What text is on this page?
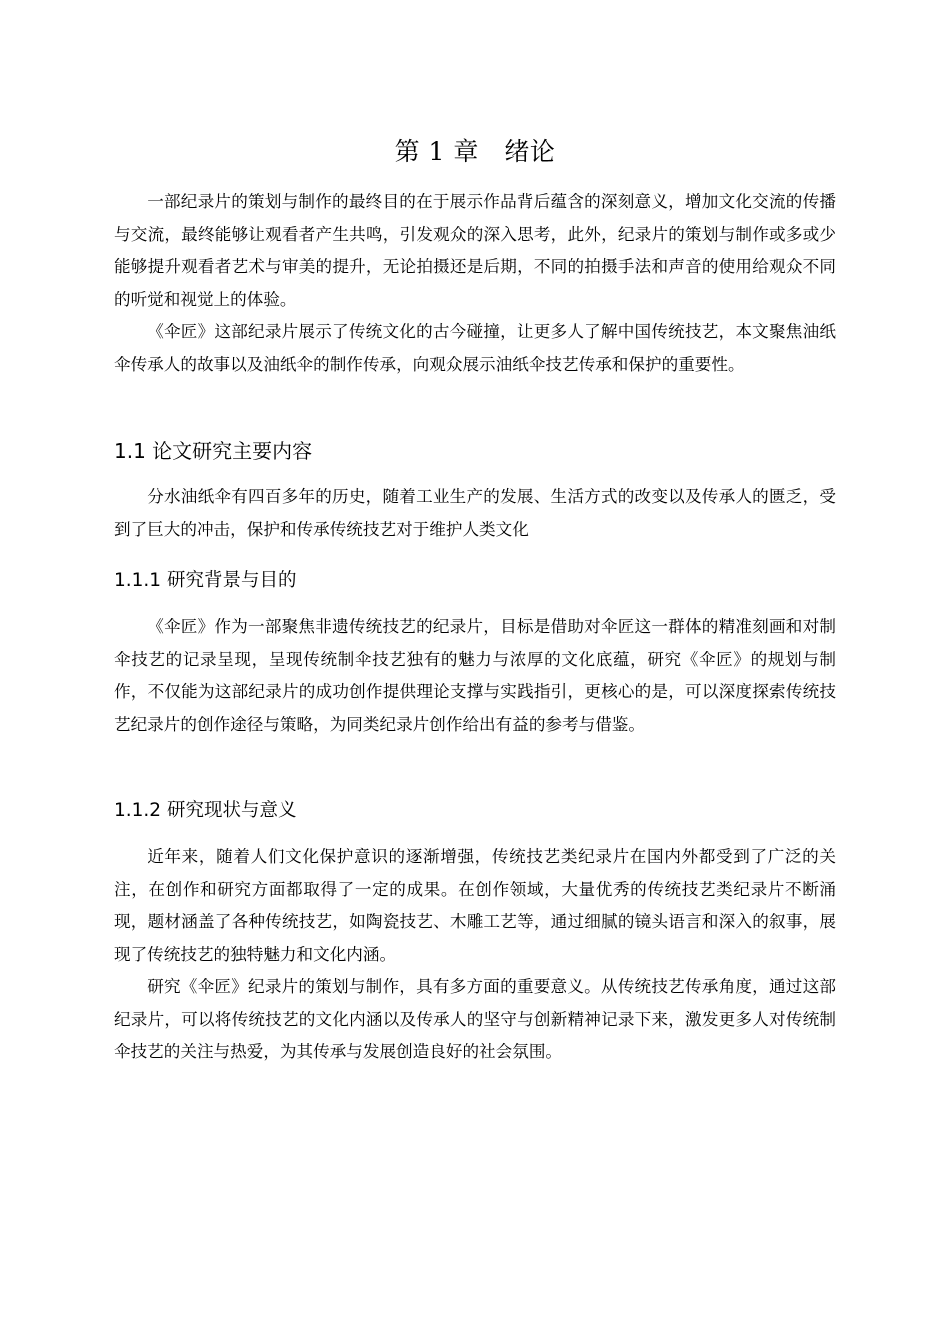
第 1 章　绪论

一部纪录片的策划与制作的最终目的在于展示作品背后蕴含的深刻意义，增加文化交流的传播与交流，最终能够让观看者产生共鸣，引发观众的深入思考，此外，纪录片的策划与制作或多或少能够提升观看者艺术与审美的提升，无论拍摄还是后期，不同的拍摄手法和声音的使用给观众不同的听觉和视觉上的体验。

《伞匠》这部纪录片展示了传统文化的古今碰撞，让更多人了解中国传统技艺，本文聚焦油纸伞传承人的故事以及油纸伞的制作传承，向观众展示油纸伞技艺传承和保护的重要性。

1.1 论文研究主要内容

分水油纸伞有四百多年的历史，随着工业生产的发展、生活方式的改变以及传承人的匮乏，受到了巨大的冲击，保护和传承传统技艺对于维护人类文化

1.1.1 研究背景与目的

《伞匠》作为一部聚焦非遗传统技艺的纪录片，目标是借助对伞匠这一群体的精准刻画和对制伞技艺的记录呈现，呈现传统制伞技艺独有的魅力与浓厚的文化底蕴，研究《伞匠》的规划与制作，不仅能为这部纪录片的成功创作提供理论支撑与实践指引，更核心的是，可以深度探索传统技艺纪录片的创作途径与策略，为同类纪录片创作给出有益的参考与借鉴。

1.1.2 研究现状与意义

近年来，随着人们文化保护意识的逐渐增强，传统技艺类纪录片在国内外都受到了广泛的关注，在创作和研究方面都取得了一定的成果。在创作领域，大量优秀的传统技艺类纪录片不断涌现，题材涵盖了各种传统技艺，如陶瓷技艺、木雕工艺等，通过细腻的镜头语言和深入的叙事，展现了传统技艺的独特魅力和文化内涵。

研究《伞匠》纪录片的策划与制作，具有多方面的重要意义。从传统技艺传承角度，通过这部纪录片，可以将传统技艺的文化内涵以及传承人的坚守与创新精神记录下来，激发更多人对传统制伞技艺的关注与热爱，为其传承与发展创造良好的社会氛围。
